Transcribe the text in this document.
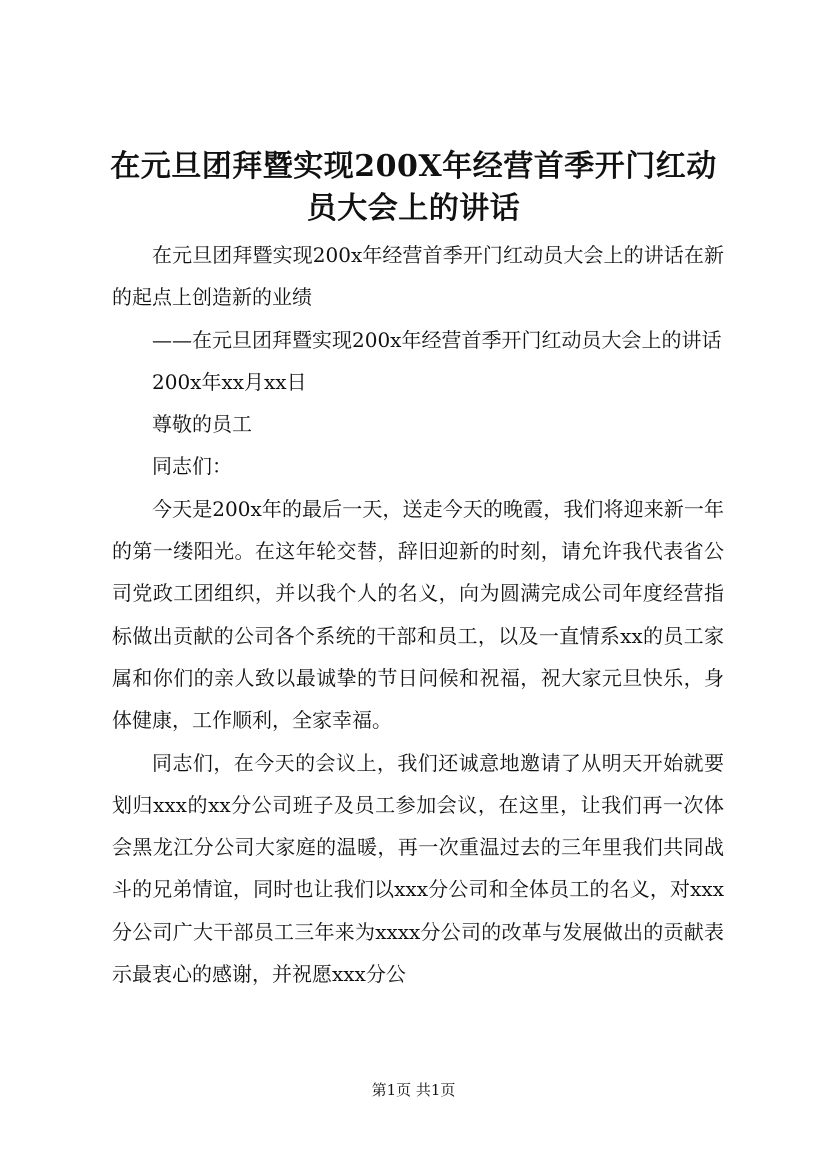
在元旦团拜暨实现200X年经营首季开门红动员大会上的讲话

在元旦团拜暨实现200x年经营首季开门红动员大会上的讲话在新的起点上创造新的业绩

——在元旦团拜暨实现200x年经营首季开门红动员大会上的讲话

200x年xx月xx日

尊敬的员工

同志们：

今天是200x年的最后一天，送走今天的晚霞，我们将迎来新一年的第一缕阳光。在这年轮交替，辞旧迎新的时刻，请允许我代表省公司党政工团组织，并以我个人的名义，向为圆满完成公司年度经营指标做出贡献的公司各个系统的干部和员工，以及一直情系xx的员工家属和你们的亲人致以最诚挚的节日问候和祝福，祝大家元旦快乐，身体健康，工作顺利，全家幸福。

同志们，在今天的会议上，我们还诚意地邀请了从明天开始就要划归xxx的xx分公司班子及员工参加会议，在这里，让我们再一次体会黑龙江分公司大家庭的温暖，再一次重温过去的三年里我们共同战斗的兄弟情谊，同时也让我们以xxx分公司和全体员工的名义，对xxx分公司广大干部员工三年来为xxxx分公司的改革与发展做出的贡献表示最衷心的感谢，并祝愿xxx分公

第1页 共1页
